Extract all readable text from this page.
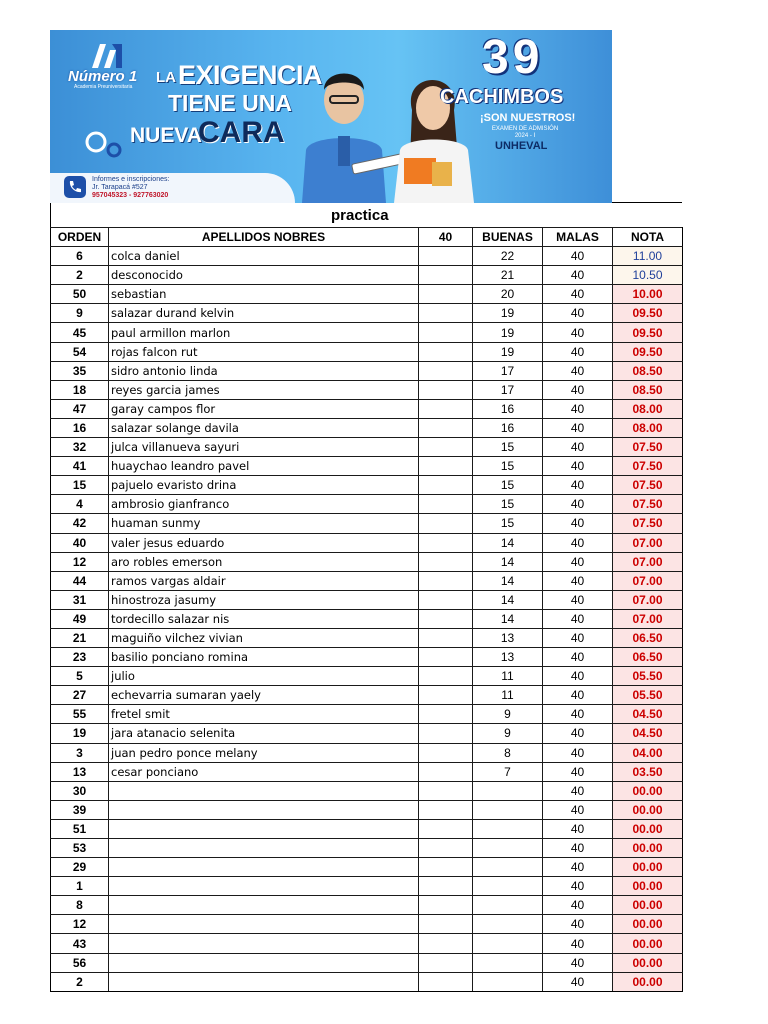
Número 1
Academia Preuniversitaria
LA EXIGENCIA
TIENE UNA
NUEVA
CARA
Informes e inscripciones:
Jr. Tarapacá #527
957045323 - 927763020
39
CACHIMBOS
¡SON NUESTROS!
EXAMEN DE ADMISIÓN
2024 - I
UNHEVAL
practica
ORDEN	APELLIDOS NOBRES	40	BUENAS	MALAS	NOTA
6	colca daniel		22	40	11.00
2	desconocido		21	40	10.50
50	sebastian		20	40	10.00
9	salazar durand kelvin		19	40	09.50
45	paul armillon marlon		19	40	09.50
54	rojas falcon rut		19	40	09.50
35	sidro antonio linda		17	40	08.50
18	reyes garcia james		17	40	08.50
47	garay campos flor		16	40	08.00
16	salazar solange davila		16	40	08.00
32	julca villanueva sayuri		15	40	07.50
41	huaychao leandro pavel		15	40	07.50
15	pajuelo evaristo drina		15	40	07.50
4	ambrosio gianfranco		15	40	07.50
42	huaman sunmy		15	40	07.50
40	valer jesus eduardo		14	40	07.00
12	aro robles emerson		14	40	07.00
44	ramos vargas aldair		14	40	07.00
31	hinostroza jasumy		14	40	07.00
49	tordecillo salazar nis		14	40	07.00
21	maguiño vilchez vivian		13	40	06.50
23	basilio ponciano romina		13	40	06.50
5	julio		11	40	05.50
27	echevarria sumaran yaely		11	40	05.50
55	fretel smit		9	40	04.50
19	jara atanacio selenita		9	40	04.50
3	juan pedro ponce melany		8	40	04.00
13	cesar ponciano		7	40	03.50
30				40	00.00
39				40	00.00
51				40	00.00
53				40	00.00
29				40	00.00
1				40	00.00
8				40	00.00
12				40	00.00
43				40	00.00
56				40	00.00
2				40	00.00
